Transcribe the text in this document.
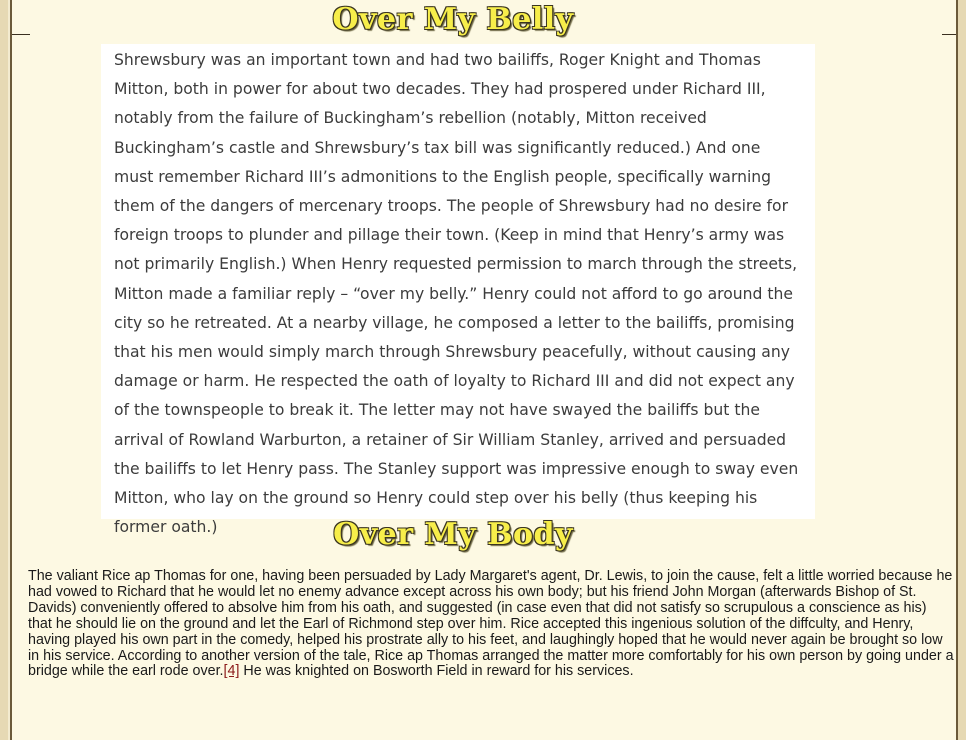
Over My Belly

Shrewsbury was an important town and had two bailiffs, Roger Knight and Thomas Mitton, both in power for about two decades. They had prospered under Richard III, notably from the failure of Buckingham’s rebellion (notably, Mitton received Buckingham’s castle and Shrewsbury’s tax bill was significantly reduced.) And one must remember Richard III’s admonitions to the English people, specifically warning them of the dangers of mercenary troops. The people of Shrewsbury had no desire for foreign troops to plunder and pillage their town. (Keep in mind that Henry’s army was not primarily English.) When Henry requested permission to march through the streets, Mitton made a familiar reply – “over my belly.” Henry could not afford to go around the city so he retreated. At a nearby village, he composed a letter to the bailiffs, promising that his men would simply march through Shrewsbury peacefully, without causing any damage or harm. He respected the oath of loyalty to Richard III and did not expect any of the townspeople to break it. The letter may not have swayed the bailiffs but the arrival of Rowland Warburton, a retainer of Sir William Stanley, arrived and persuaded the bailiffs to let Henry pass. The Stanley support was impressive enough to sway even Mitton, who lay on the ground so Henry could step over his belly (thus keeping his former oath.)	Over My Body

The valiant Rice ap Thomas for one, having been persuaded by Lady Margaret's agent, Dr. Lewis, to join the cause, felt a little worried because he had vowed to Richard that he would let no enemy advance except across his own body; but his friend John Morgan (afterwards Bishop of St. Davids) conveniently offered to absolve him from his oath, and suggested (in case even that did not satisfy so scrupulous a conscience as his) that he should lie on the ground and let the Earl of Richmond step over him. Rice accepted this ingenious solution of the diffculty, and Henry, having played his own part in the comedy, helped his prostrate ally to his feet, and laughingly hoped that he would never again be brought so low in his service. According to another version of the tale, Rice ap Thomas arranged the matter more comfortably for his own person by going under a bridge while the earl rode over.[4] He was knighted on Bosworth Field in reward for his services.
